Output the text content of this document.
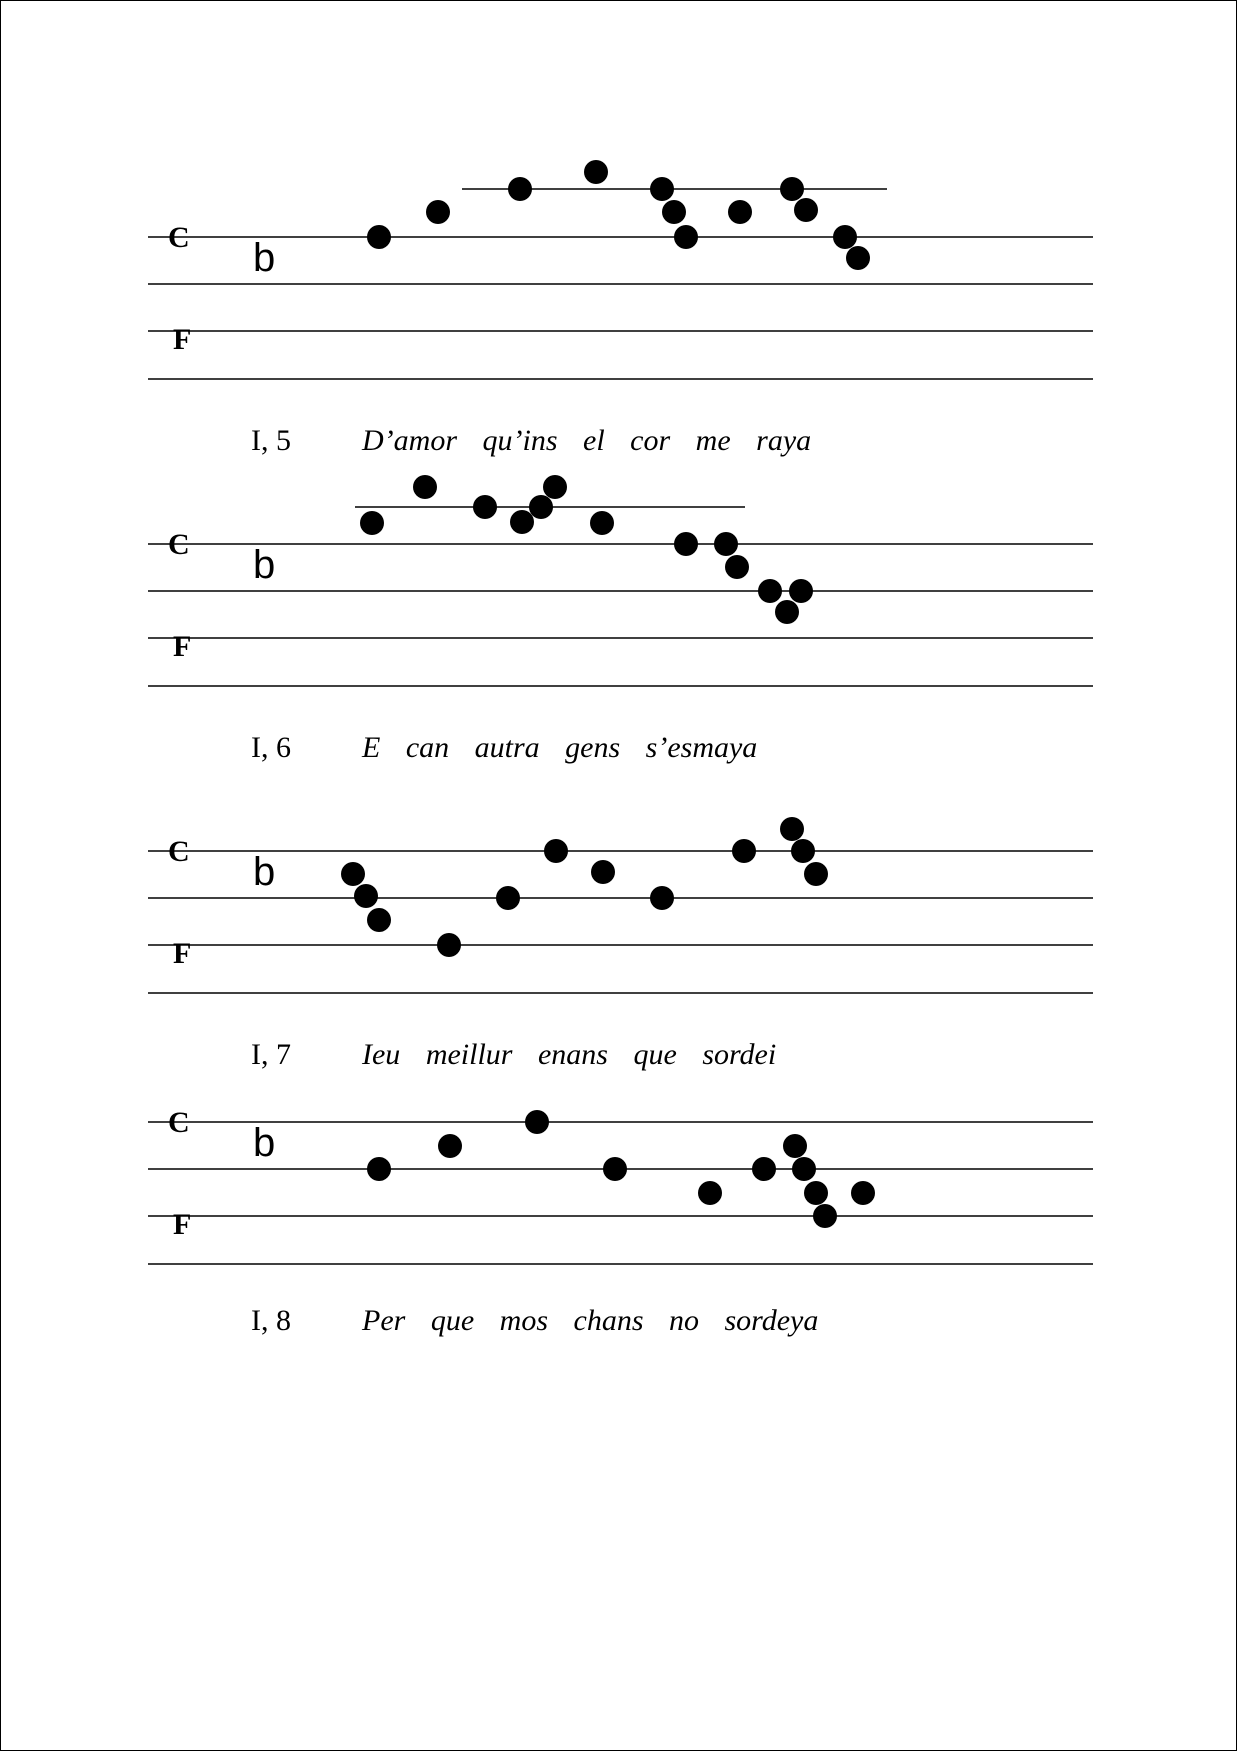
C
F
b
I, 5 D’amor qu’ins el cor me raya
C
F
b
I, 6 E can autra gens s’esmaya
C
F
b
I, 7 Ieu meillur enans que sordei
C
F
b
I, 8 Per que mos chans no sordeya
